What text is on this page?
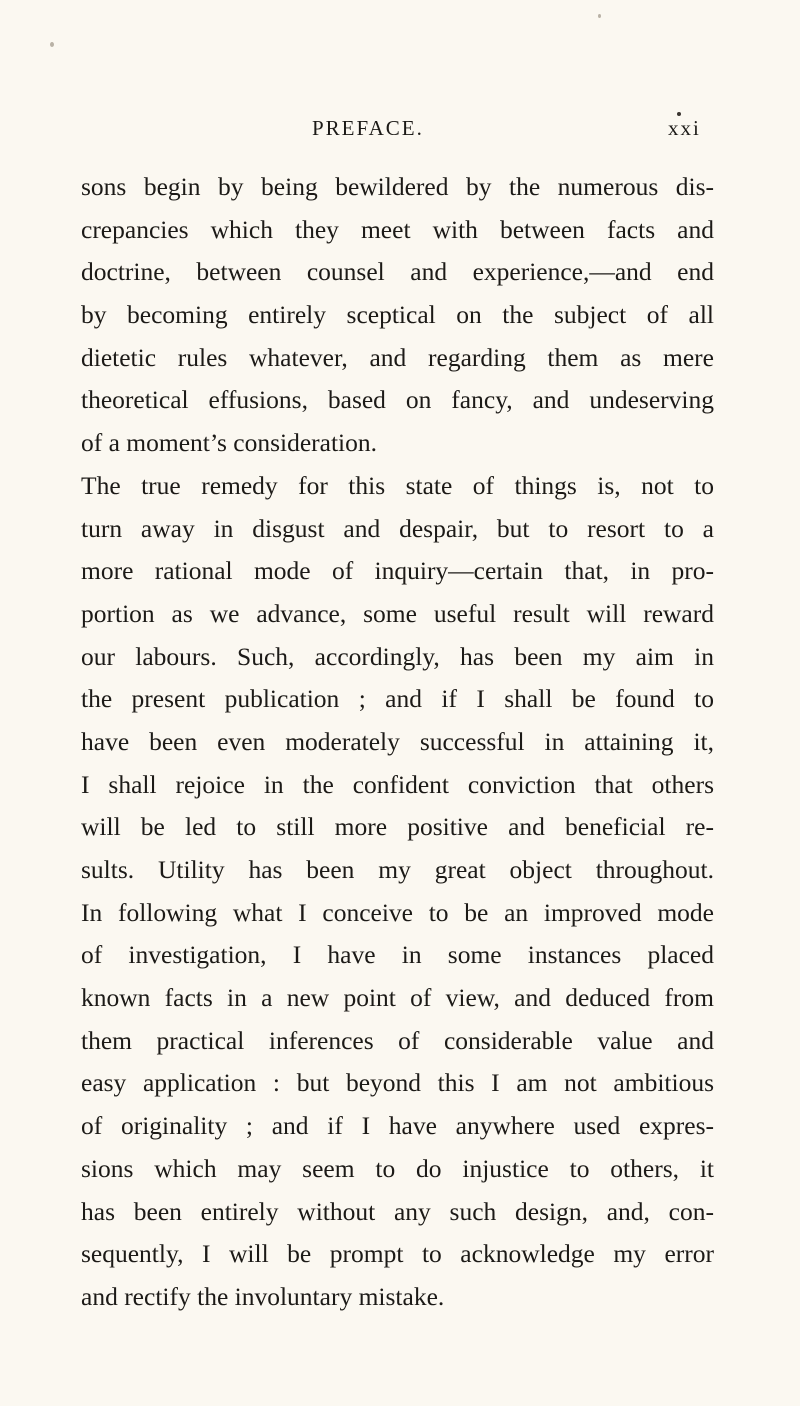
PREFACE.	xxi
sons begin by being bewildered by the numerous dis-
crepancies which they meet with between facts and
doctrine, between counsel and experience,—and end
by becoming entirely sceptical on the subject of all
dietetic rules whatever, and regarding them as mere
theoretical effusions, based on fancy, and undeserving
of a moment’s consideration.
The true remedy for this state of things is, not to
turn away in disgust and despair, but to resort to a
more rational mode of inquiry—certain that, in pro-
portion as we advance, some useful result will reward
our labours. Such, accordingly, has been my aim in
the present publication ; and if I shall be found to
have been even moderately successful in attaining it,
I shall rejoice in the confident conviction that others
will be led to still more positive and beneficial re-
sults. Utility has been my great object throughout.
In following what I conceive to be an improved mode
of investigation, I have in some instances placed
known facts in a new point of view, and deduced from
them practical inferences of considerable value and
easy application : but beyond this I am not ambitious
of originality ; and if I have anywhere used expres-
sions which may seem to do injustice to others, it
has been entirely without any such design, and, con-
sequently, I will be prompt to acknowledge my error
and rectify the involuntary mistake.
